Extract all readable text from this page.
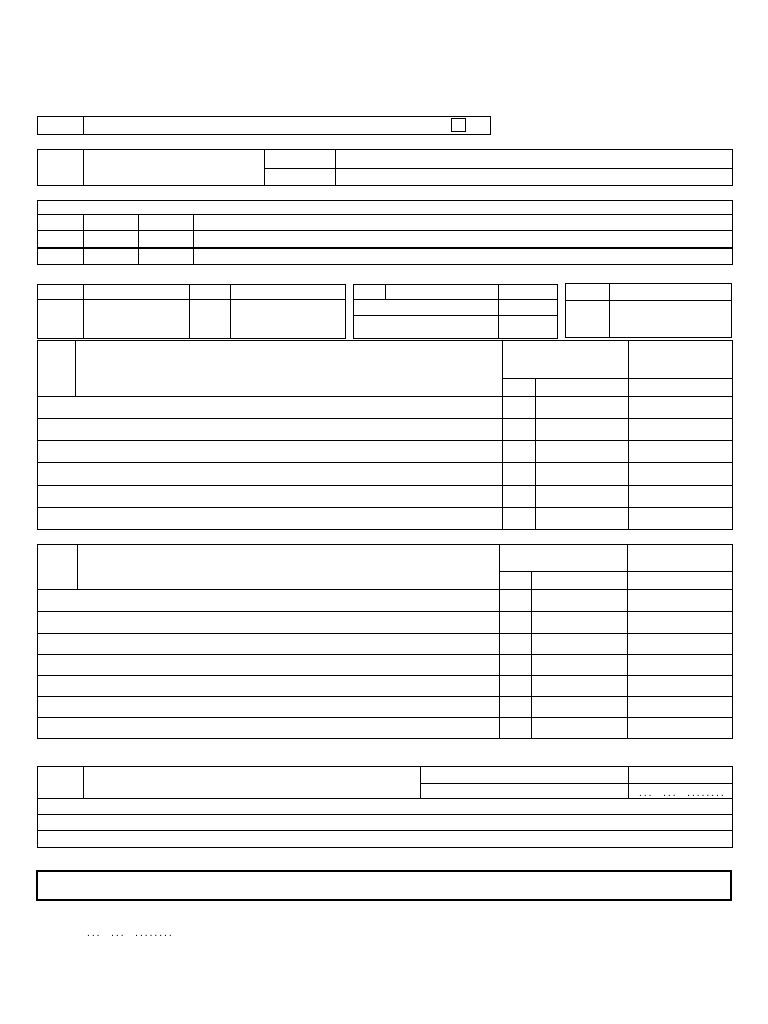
...  ...  ........
...  ...  ........
